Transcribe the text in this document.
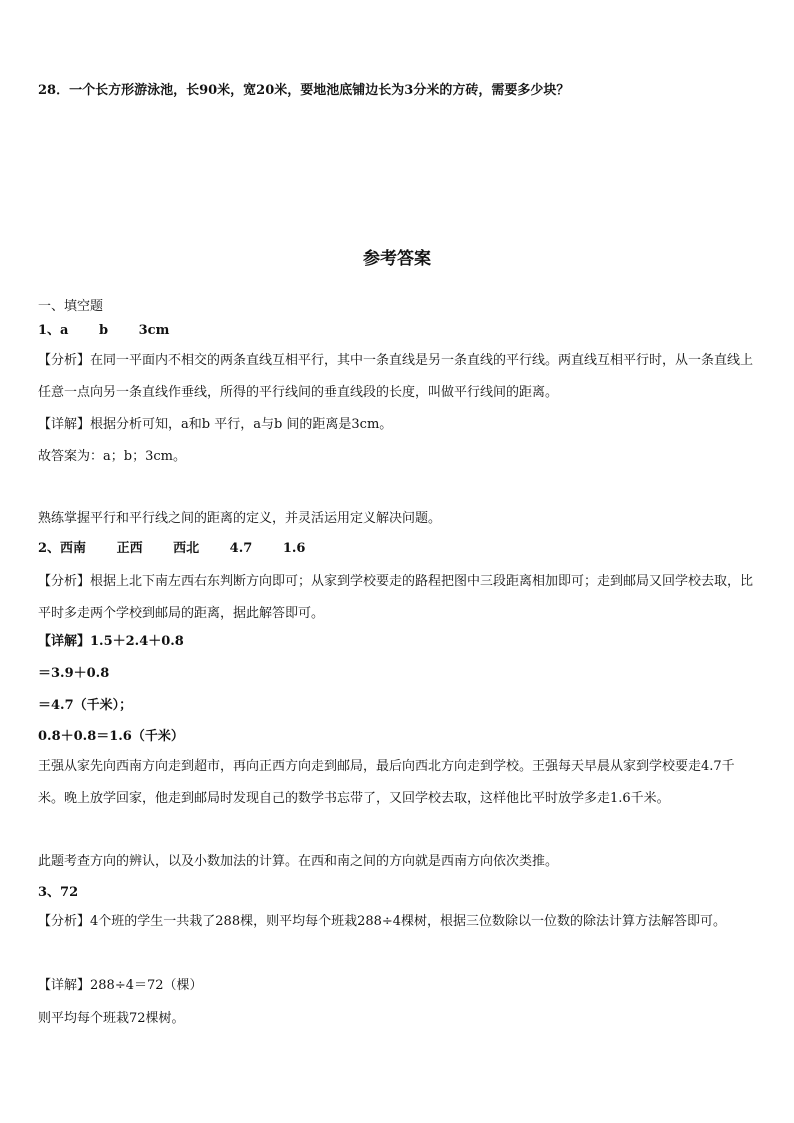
28．一个长方形游泳池，长90米，宽20米，要地池底铺边长为3分米的方砖，需要多少块？
参考答案
一、填空题
1、a b 3cm
【分析】在同一平面内不相交的两条直线互相平行，其中一条直线是另一条直线的平行线。两直线互相平行时，从一条直线上任意一点向另一条直线作垂线，所得的平行线间的垂直线段的长度，叫做平行线间的距离。
【详解】根据分析可知，a和b 平行，a与b 间的距离是3cm。
故答案为：a；b；3cm。
熟练掌握平行和平行线之间的距离的定义，并灵活运用定义解决问题。
2、西南 正西 西北 4.7 1.6
【分析】根据上北下南左西右东判断方向即可；从家到学校要走的路程把图中三段距离相加即可；走到邮局又回学校去取，比平时多走两个学校到邮局的距离，据此解答即可。
【详解】1.5＋2.4＋0.8
＝3.9＋0.8
＝4.7（千米）；
0.8＋0.8＝1.6（千米）
王强从家先向西南方向走到超市，再向正西方向走到邮局，最后向西北方向走到学校。王强每天早晨从家到学校要走4.7千米。晚上放学回家，他走到邮局时发现自己的数学书忘带了，又回学校去取，这样他比平时放学多走1.6千米。
此题考查方向的辨认，以及小数加法的计算。在西和南之间的方向就是西南方向依次类推。
3、72
【分析】4个班的学生一共栽了288棵，则平均每个班栽288÷4棵树，根据三位数除以一位数的除法计算方法解答即可。
【详解】288÷4＝72（棵）
则平均每个班栽72棵树。
